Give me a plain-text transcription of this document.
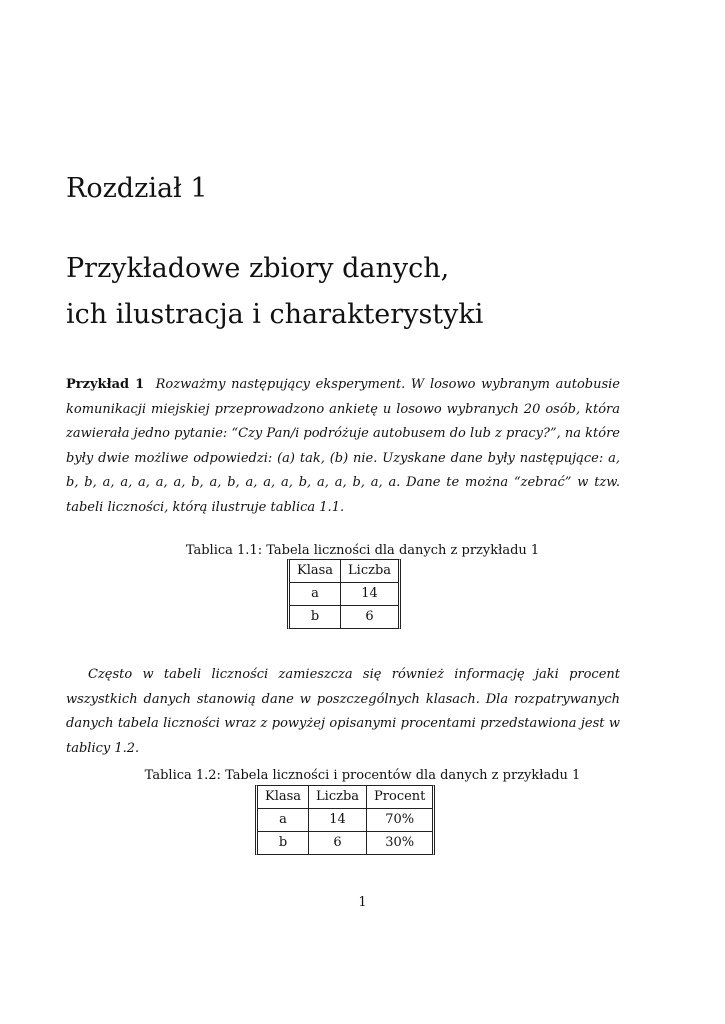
Rozdział 1
Przykładowe zbiory danych,
ich ilustracja i charakterystyki
Przykład 1 Rozważmy następujący eksperyment. W losowo wybranym autobusie komunikacji miejskiej przeprowadzono ankietę u losowo wybranych 20 osób, która zawierała jedno pytanie: “Czy Pan/i podróżuje autobusem do lub z pracy?”, na które były dwie możliwe odpowiedzi: (a) tak, (b) nie. Uzyskane dane były następujące: a, b, b, a, a, a, a, a, b, a, b, a, a, a, b, a, a, b, a, a. Dane te można “zebrać” w tzw. tabeli liczności, którą ilustruje tablica 1.1.
Tablica 1.1: Tabela liczności dla danych z przykładu 1
Klasa	Liczba
a	14
b	6
Często w tabeli liczności zamieszcza się również informację jaki procent wszystkich danych stanowią dane w poszczególnych klasach. Dla rozpatrywanych danych tabela liczności wraz z powyżej opisanymi procentami przedstawiona jest w tablicy 1.2.
Tablica 1.2: Tabela liczności i procentów dla danych z przykładu 1
Klasa	Liczba	Procent
a	14	70%
b	6	30%
1
